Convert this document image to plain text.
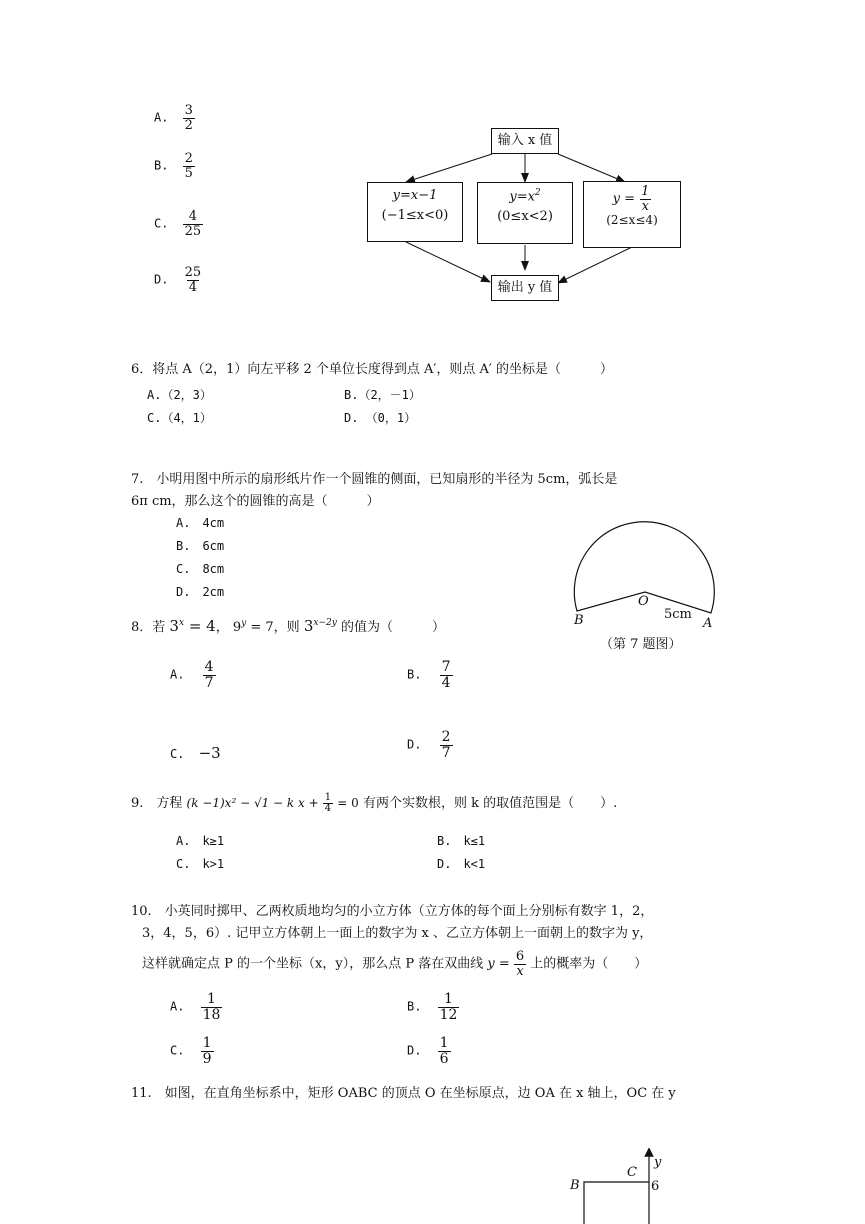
A. $\frac{3}{2}$
B. $\frac{2}{5}$
C. $\frac{4}{25}$
D. $\frac{25}{4}$
输入 x 值
y=x−1
(−1≤x<0)
$y=x^2$
(0≤x<2)
$y = \frac{1}{x}$
(2≤x≤4)
输出 y 值
6．将点 A（2，1）向左平移 2 个单位长度得到点 A′，则点 A′ 的坐标是（　　　）
A.（2，3）	B.（2，－1）
C.（4，1）	D. （0，1）
7.　小明用图中所示的扇形纸片作一个圆锥的侧面，已知扇形的半径为 5cm，弧长是
6π cm，那么这个的圆锥的高是（　　　）
A.　4cm
B.　6cm
C.　8cm
D.　2cm
O
B	A
5cm
（第 7 题图）
8．若 $3^x = 4$， $9^y = 7$，则 $3^{x-2y}$ 的值为（　　　）
A. $\frac{4}{7}$	B. $\frac{7}{4}$
C. −3	D. $\frac{2}{7}$
9.　方程 (k −1)x² − √1 − k $x + \frac{1}{4} = 0$ 有两个实数根，则 k 的取值范围是（　　）.
A.　k≥1	B.　k≤1
C.　k>1	D.　k<1
10.　小英同时掷甲、乙两枚质地均匀的小立方体（立方体的每个面上分别标有数字 1，2，
3，4，5，6）. 记甲立方体朝上一面上的数字为 x 、乙立方体朝上一面朝上的数字为 y，
这样就确定点 P 的一个坐标（x，y），那么点 P 落在双曲线 $y = \frac{6}{x}$ 上的概率为（　　）
A. $\frac{1}{18}$	B. $\frac{1}{12}$
C. $\frac{1}{9}$	D. $\frac{1}{6}$
11.　如图，在直角坐标系中，矩形 OABC 的顶点 O 在坐标原点，边 OA 在 x 轴上，OC 在 y
B
C
y
6
